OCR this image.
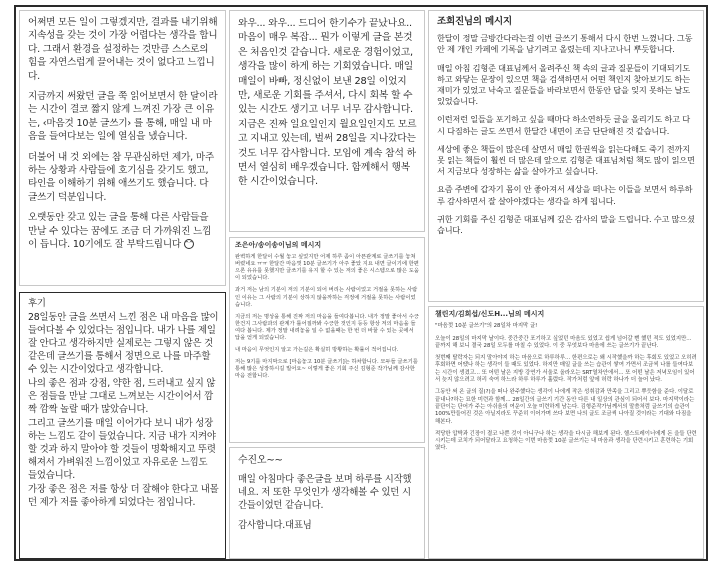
어쩌면 모든 일이 그렇겠지만, 결과를 내기위해 지속성을 갖는 것이 가장 어렵다는 생각을 합니다. 그래서 환경을 설정하는 것만큼 스스로의 힘을 자연스럽게 끌어내는 것이 없다고 느낍니다.

지금까지 써왔던 글을 쭉 읽어보면서 한 달이라는 시간이 결코 짧지 않게 느껴진 가장 큰 이유는, ‹마음것 10분 글쓰기› 를 통해, 매일 내 마음을 들여다보는 일에 열심을 냈습니다.

더불어 내 것 외에는 참 무관심하던 제가, 마주하는 상황과 사람들에 호기심을 갖기도 했고, 타인을 이해하기 위해 애쓰기도 했습니다. 다 글쓰기 덕분입니다.

오랫동안 갖고 있는 글을 통해 다른 사람들을 만날 수 있다는 꿈에도 조금 더 가까워진 느낌이 듭니다. 10기에도 잘 부탁드립니다 ^^

와우... 와우... 드디어 한기수가 끝났나요.. 마음이 매우 복잡... 뭔가 이렇게 글을 본것은 처음인것 같습니다. 새로운 경험이었고, 생각을 많이 하게 하는 기회였습니다. 매일 매일이 바빠, 정신없이 보낸 28일 이었지만, 새로운 기회를 주셔서, 다시 회복 할 수 있는 시간도 생기고 너무 너무 감사합니다. 지금은 진짜 일요일인지 월요일인지도 모르고 지내고 있는데, 벌써 28일을 지나갔다는 것도 너무 감사합니다. 모임에 계속 참석 하면서 열심히 배우겠습니다. 함께해서 행복한 시간이었습니다.

조희진님의 메시지

한달이 정말 금방간다라는걸 이번 글쓰기 통해서 다시 한번 느꼈니다. 그동안 제 개인 카페에 기록을 남기려고 올렸는데 지나고나니 뿌듯합니다.

매일 아침 김형준 대표님께서 올려주신 책 속의 글과 질문들이 기대되기도 하고 와닿는 문장이 있으면 책을 검색하면서 어떤 책인지 찾아보기도 하는 재미가 있었고 낙숙고 질문들을 바라보면서 한동안 답을 잊지 못하는 날도 있었습니다.

이런저런 일들을 포기하고 싶을 때마다 하소연하듯 글을 올리기도 하고 다시 다짐하는 글도 쓰면서 한달간 내면이 조금 단단해진 것 같습니다.

세상에 좋은 책들이 많은데 살면서 매일 한권씩을 읽는다해도 죽기 전까지 못 읽는 책들이 훨씬 더 많은데 앞으로 김형준 대표님처럼 책도 많이 읽으면서 지금보다 성장하는 삶을 살아가고 싶습니다.

요즘 주변에 갑자기 몸이 안 좋아져서 세상을 떠나는 이들을 보면서 하루하루 감사하면서 잘 살아야겠다는 생각을 하게 됩니다.

귀한 기회를 주신 김형준 대표님께 깊은 감사의 말을 드립니다. 수고 많으셨습니다.

후기

28일동안 글을 쓰면서 느낀 점은 내 마음을 많이 들여다볼 수 있었다는 점입니다. 내가 나를 제일 잘 안다고 생각하지만 실제로는 그렇지 않은 것 같은데 글쓰기를 통해서 정면으로 나를 마주할 수 있는 시간이었다고 생각합니다.

나의 좋은 점과 강점, 약한 점, 드러내고 싶지 않은 점들을 만날 그대로 느껴보는 시간이어서 깜짝 깜짝 놀랄 때가 많았습니다.

그리고 글쓰기를 매일 이어가다 보니 내가 성장하는 느낌도 같이 들었습니다. 지금 내가 지켜야 할 것과 하지 말아야 할 것들이 명확해지고 뚜렷해져서 가벼워진 느낌이었고 자유로운 느낌도 들었습니다.

가장 좋은 점은 저를 항상 더 잘해야 한다고 내몰던 제가 저를 좋아하게 되었다는 점입니다.

조은아/송이송이님의 메시지

완벽하게 한달이 수월 놓고 싶었지만 어제 하루 좀이 아픈관계로 글쓰기를 놓쳐 버렸네요 ㅠㅠ 한달간 마음껏 10분 글쓰기가 아주 좋았 지요 내면 글이기에 한편으론 유유를 못했지만 글쓰기를 유지 할 수 있는 저의 좋은 시스템으로 많은 도움이 되었습니다.

과거 저는 남의 기분이 저의 기분이 되어 버리는 사람이었고 거절을 못하는 사람인 이유는 그 사람의 기분이 상하지 않을까하는 걱정에 거절을 못하는 사람이었습니다.

지금의 저는 명상을 통해 진짜 저의 마음을 들여다봅니다. 내가 정말 좋아서 수긍한건지 그사람과의 관계가 틀어질까봐 수긍한 것인지 등등 항상 저의 마음을 들여다 봅니다. 제가 정말 내려놓을 일 수 없을때는 한 번 더 바꿀 수 있는 곳에서 답을 얻게 되었습니다.

내 마음이 무엇인지 알고 가는길은 확실히 방황하는 확률이 적어집니다.

저는 9기를 마지막으로 [마음놓고 10분 글쓰기]는 하차합니다. 모두들 글쓰기를 통해 많은 성장하시길 빌어요~ 이렇게 좋은 기회 주신 김형준 작가님께 감사한 마음 전합니다.

수진오~~

매일 아침마다 좋은글을 보며 하루를 시작했네요. 저 또한 무엇인가 생각해볼 수 있던 시간들이었던 같습니다.

감사합니다.대표님

챌린지/김희섭/신도H...님의 메시지

"마음껏 10분 글쓰기"의 28일차 마지막 글!

오늘이 28일의 마지막 날이다. 중간중간 포기하고 싶었던 마음도 있었고 쉽게 넘어갈 뻔 했던 적도 있었지만... 끝까지 해 보니 결국 28일 모두를 마칠 수 있었다. 이 중 무엇보다 마음에 쓰는 글쓰기가 끝난다.

첫번째 탈락자는 되지 말아야지 하는 마음으로 하루하루... 한편으로는 왜 시작했을까 하는 후회도 있었고 오히려 후회하면 어땠나 하는 생각이 들 때도 있었다. 하지만 매일 글을 쓰는 습관이 쌓여 가면서 조금씩 나를 들여다보는 시간이 생겼고... 또 어떤 날은 지방 강연가 서울로 올라오는 SRT열차안에서... 또 어떤 날은 저녁모임이 있어서 늦지 않으려고 허리 숙여 하느라 하루 하루가 흘렀다. 작가처럼 앞에 허락 하나가 더 늘어 났다.

그동안 써 온 글의 질(?)을 떠나 완주했다는 생각이 나에게 작은 성취감과 만족을 그리고 뿌듯함을 준다. 이달로 끝내나?하는 묘한 미련과 함께... 28일간의 글쓰기 기간 동안 다른 내 일상의 관심이 되어서 보다. 마지막이라는 끝단이는 단어가 주는 아쉬움의 여운이 오늘 미련하게 남는다. 김형준작가님께서의 말씀처럼 글쓰기의 습관이 100%만들어진 것은 아닐지라도 꾸준히 이어가며 쓰다 보면 나의 글도 조금씩 나아질 것이라는 기대와 다짐을 해본다.

적당한 압박과 긴장이 결코 나쁜 것이 아니구나 하는 생각을 다시금 해보게 된다. 헬스트레이너에게 돈 을들 단련시키는데 코치가 되어달라고 요청하는 이번 마음껏 10분 글쓰기는 내 마음과 생각을 단련시키고 훈련하는 기회였다.
